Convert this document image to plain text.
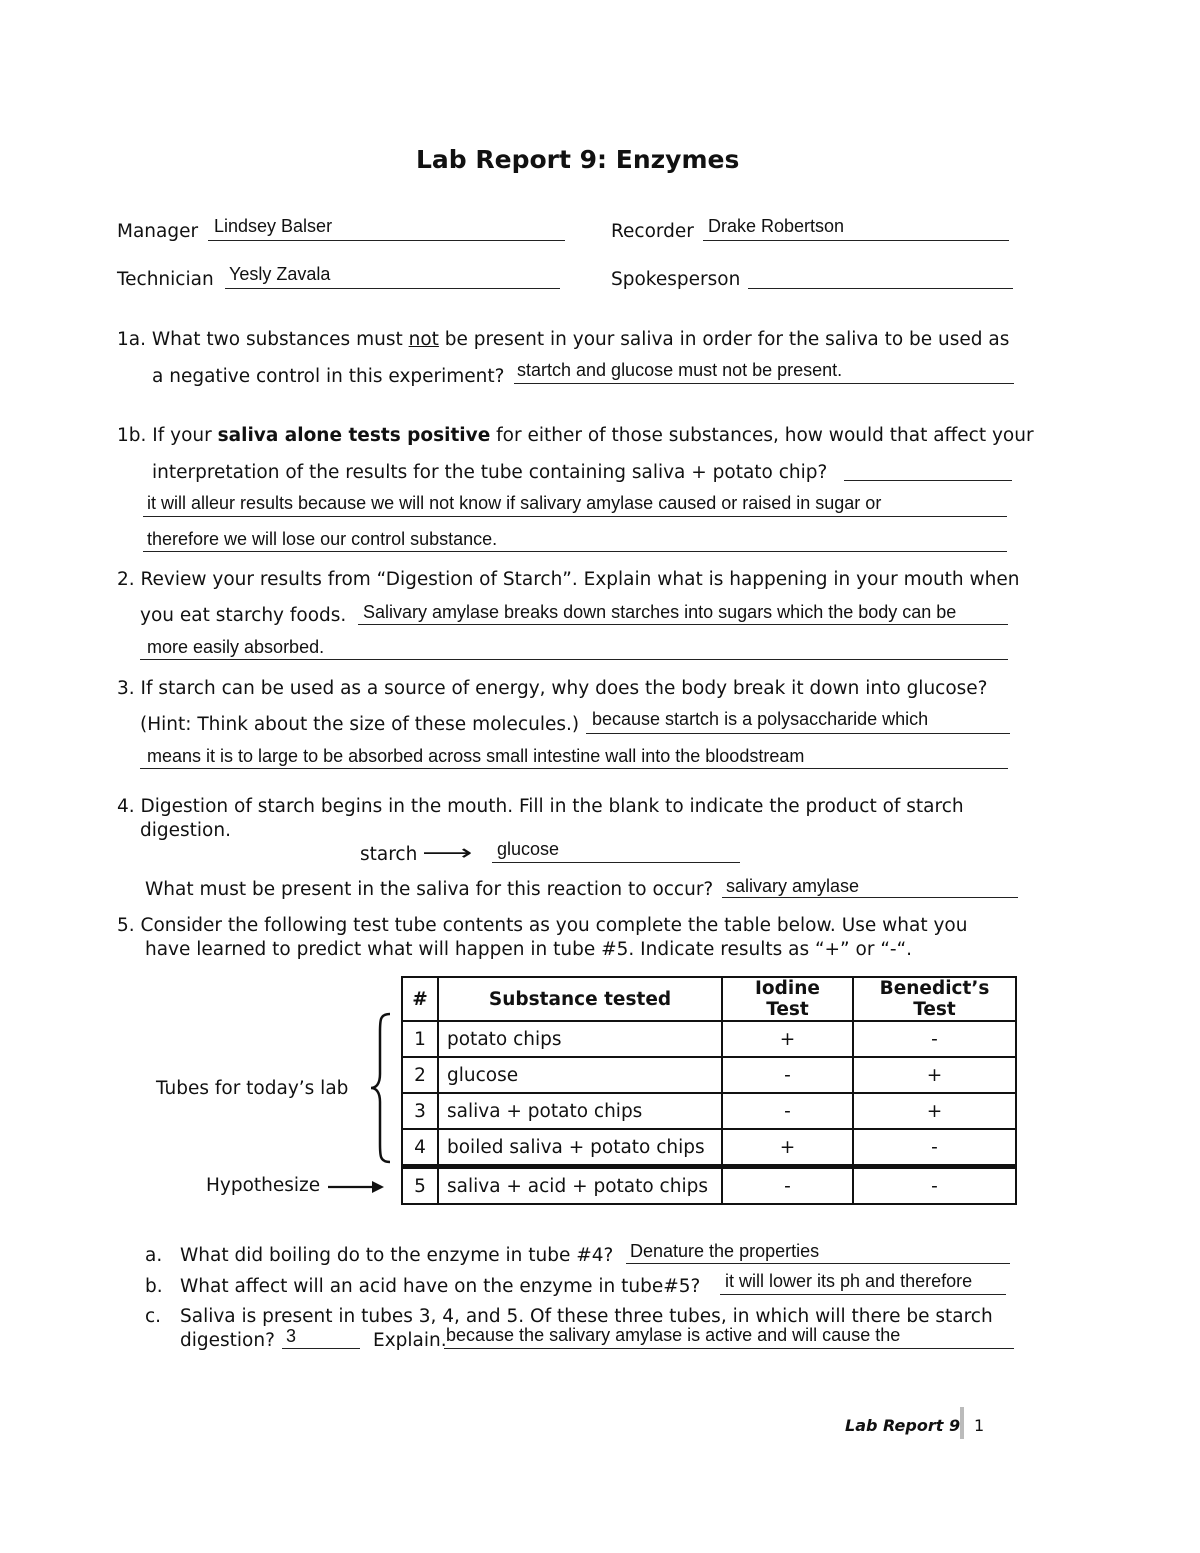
Lab Report 9: Enzymes
Manager Lindsey Balser	Recorder Drake Robertson
Technician Yesly Zavala	Spokesperson
1a. What two substances must not be present in your saliva in order for the saliva to be used as
a negative control in this experiment? startch and glucose must not be present.
1b. If your saliva alone tests positive for either of those substances, how would that affect your
interpretation of the results for the tube containing saliva + potato chip?
it will alleur results because we will not know if salivary amylase caused or raised in sugar or
therefore we will lose our control substance.
2. Review your results from “Digestion of Starch”. Explain what is happening in your mouth when
you eat starchy foods. Salivary amylase breaks down starches into sugars which the body can be
more easily absorbed.
3. If starch can be used as a source of energy, why does the body break it down into glucose?
(Hint: Think about the size of these molecules.) because startch is a polysaccharide which
means it is to large to be absorbed across small intestine wall into the bloodstream
4. Digestion of starch begins in the mouth. Fill in the blank to indicate the product of starch
digestion.
starch ⟶ glucose
What must be present in the saliva for this reaction to occur? salivary amylase
5. Consider the following test tube contents as you complete the table below. Use what you
have learned to predict what will happen in tube #5. Indicate results as “+” or “-“.
Tubes for today’s lab
Hypothesize
#	Substance tested	Iodine Test	Benedict’s Test
1	potato chips	+	-
2	glucose	-	+
3	saliva + potato chips	-	+
4	boiled saliva + potato chips	+	-
5	saliva + acid + potato chips	-	-
a. What did boiling do to the enzyme in tube #4? Denature the properties
b. What affect will an acid have on the enzyme in tube#5? it will lower its ph and therefore
c. Saliva is present in tubes 3, 4, and 5. Of these three tubes, in which will there be starch
digestion? 3	Explain. because the salivary amylase is active and will cause the
Lab Report 9 1
